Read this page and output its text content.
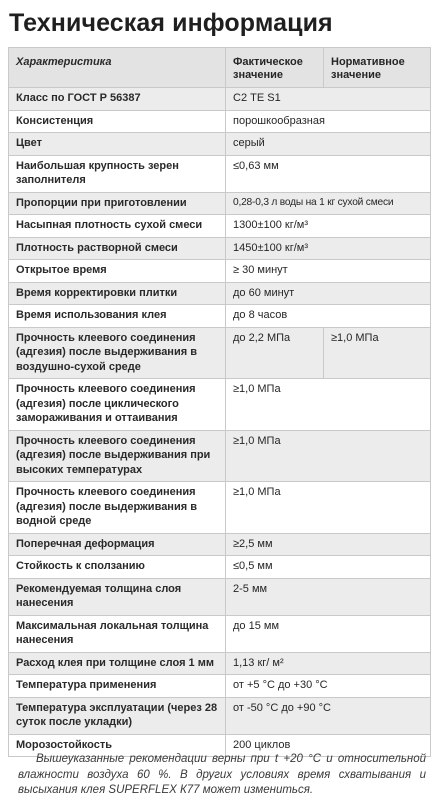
Техническая информация
Характеристика	Фактическое значение	Нормативное значение
Класс по ГОСТ Р 56387	С2 ТЕ S1	
Консистенция	порошкообразная	
Цвет	серый	
Наибольшая крупность зерен заполнителя	≤0,63 мм	
Пропорции при приготовлении	0,28-0,3 л воды на 1 кг сухой смеси	
Насыпная плотность сухой смеси	1300±100 кг/м³	
Плотность растворной смеси	1450±100 кг/м³	
Открытое время	≥ 30 минут	
Время корректировки плитки	до 60 минут	
Время использования клея	до 8 часов	
Прочность клеевого соединения (адгезия) после выдерживания в воздушно-сухой среде	до 2,2 МПа	≥1,0 МПа
Прочность клеевого соединения (адгезия) после циклического замораживания и оттаивания	≥1,0 МПа	
Прочность клеевого соединения (адгезия) после выдерживания при высоких температурах	≥1,0 МПа	
Прочность клеевого соединения (адгезия) после выдерживания в водной среде	≥1,0 МПа	
Поперечная деформация	≥2,5 мм	
Стойкость к сползанию	≤0,5 мм	
Рекомендуемая толщина слоя нанесения	2-5 мм	
Максимальная локальная толщина нанесения	до 15 мм	
Расход клея при толщине слоя 1 мм	1,13 кг/ м²	
Температура применения	от +5 °С до +30 °С	
Температура эксплуатации (через 28 суток после укладки)	от -50 °С до +90 °С	
Морозостойкость	200 циклов	

Вышеуказанные рекомендации верны при t +20 °С и относительной влажности воздуха 60 %. В других условиях время схватывания и высыхания клея SUPERFLEX К77 может измениться.
